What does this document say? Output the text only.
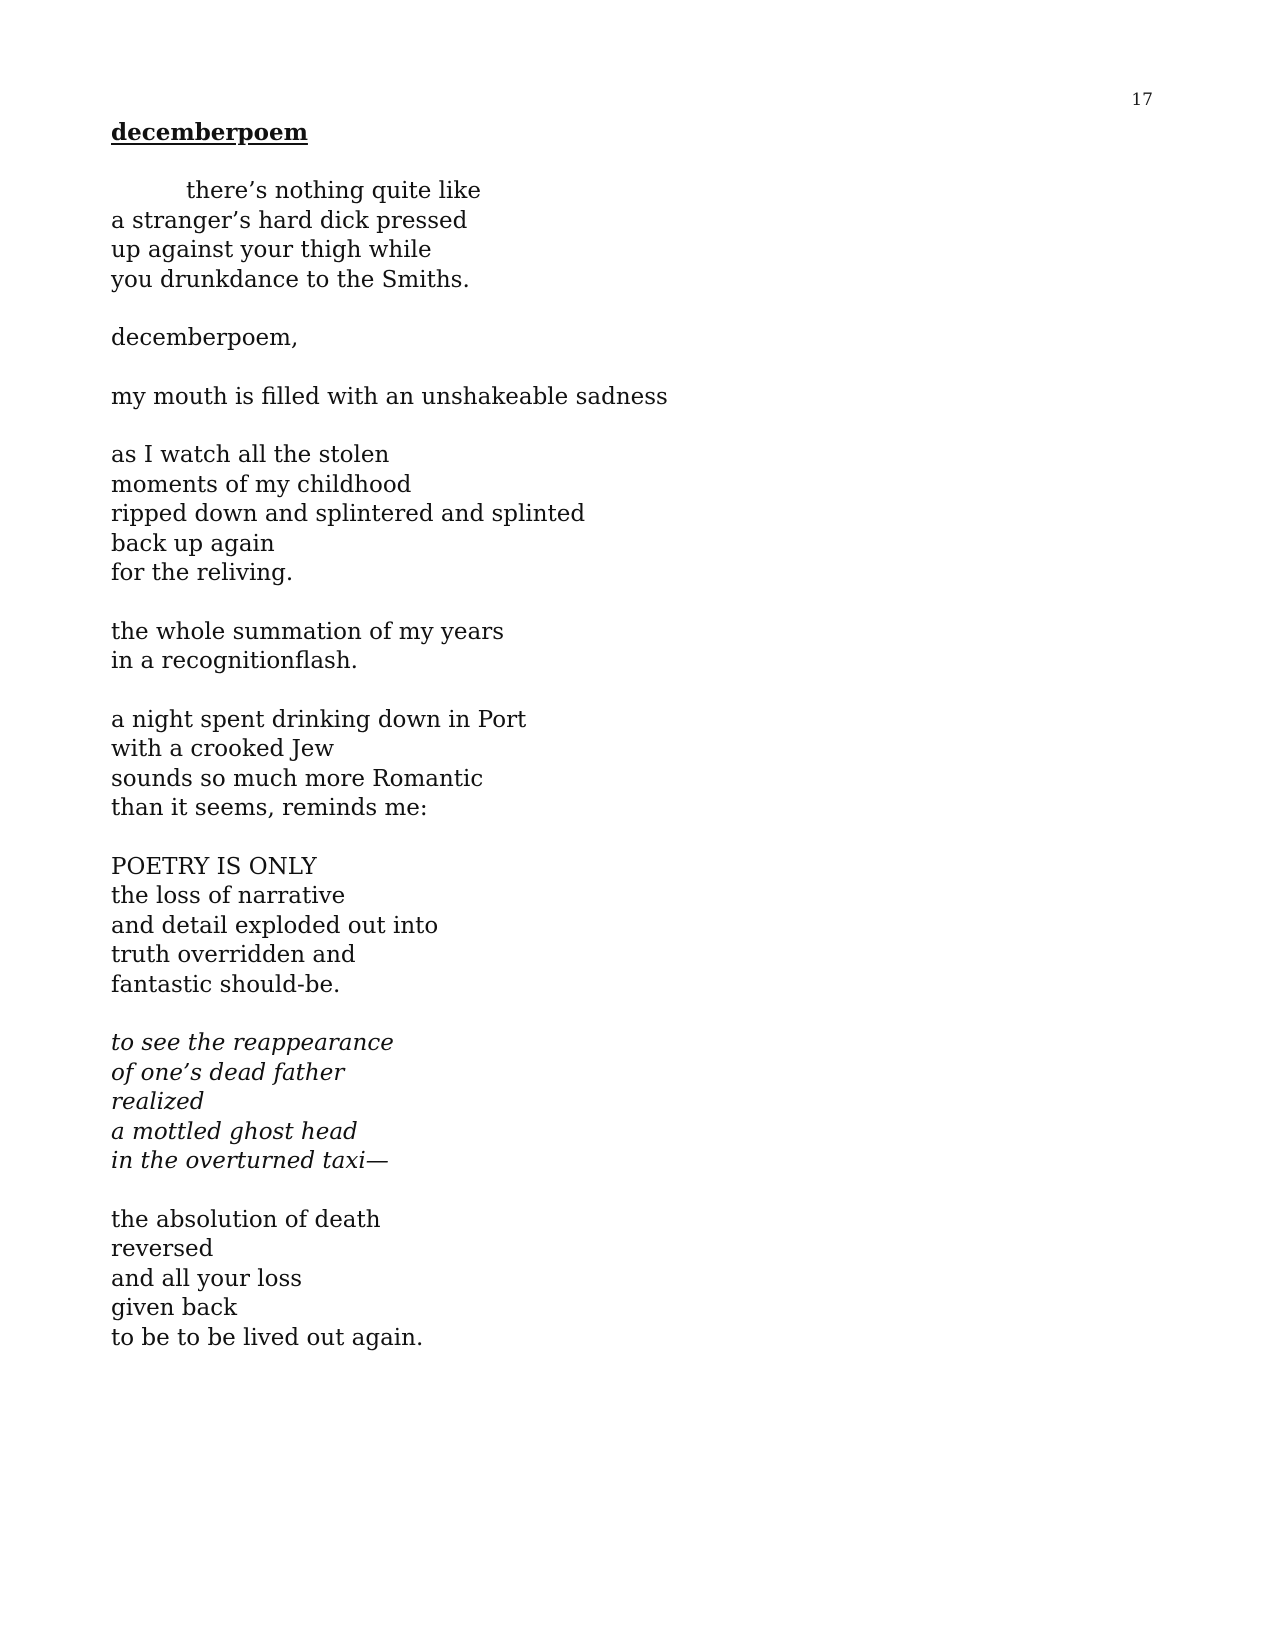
17
decemberpoem
there’s nothing quite like
a stranger’s hard dick pressed
up against your thigh while
you drunkdance to the Smiths.
decemberpoem,
my mouth is filled with an unshakeable sadness
as I watch all the stolen
moments of my childhood
ripped down and splintered and splinted
back up again
for the reliving.
the whole summation of my years
in a recognitionflash.
a night spent drinking down in Port
with a crooked Jew
sounds so much more Romantic
than it seems, reminds me:
POETRY IS ONLY
the loss of narrative
and detail exploded out into
truth overridden and
fantastic should-be.
to see the reappearance
of one’s dead father
realized
a mottled ghost head
in the overturned taxi—
the absolution of death
reversed
and all your loss
given back
to be to be lived out again.
